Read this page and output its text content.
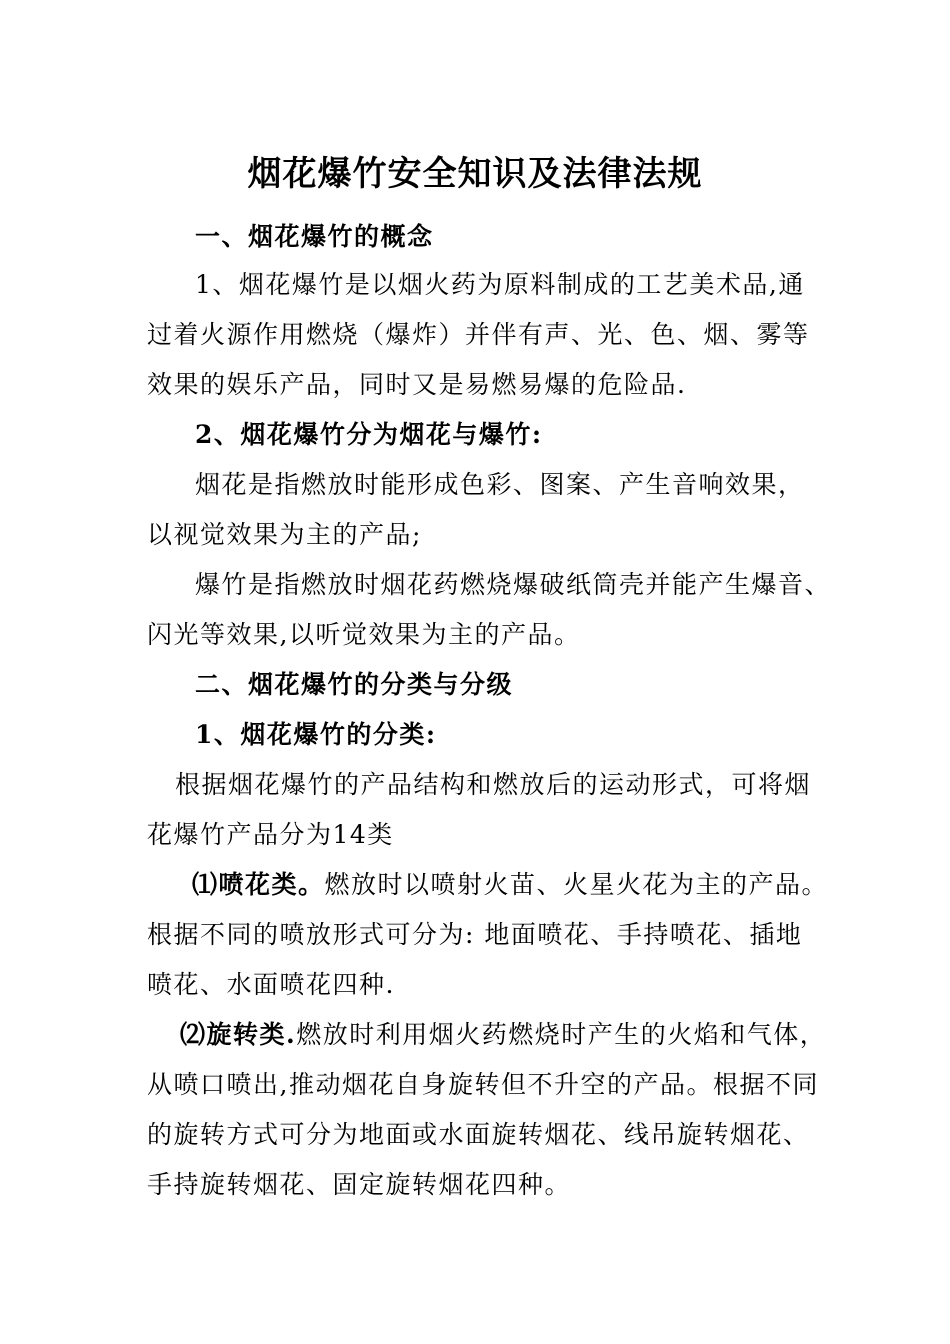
烟花爆竹安全知识及法律法规
一、烟花爆竹的概念
1、烟花爆竹是以烟火药为原料制成的工艺美术品,通
过着火源作用燃烧（爆炸）并伴有声、光、色、烟、雾等
效果的娱乐产品，同时又是易燃易爆的危险品.
2、烟花爆竹分为烟花与爆竹:
烟花是指燃放时能形成色彩、图案、产生音响效果，
以视觉效果为主的产品;
爆竹是指燃放时烟花药燃烧爆破纸筒壳并能产生爆音、
闪光等效果,以听觉效果为主的产品。
二、烟花爆竹的分类与分级
1、烟花爆竹的分类:
根据烟花爆竹的产品结构和燃放后的运动形式，可将烟
花爆竹产品分为14类
⑴喷花类。燃放时以喷射火苗、火星火花为主的产品。
根据不同的喷放形式可分为: 地面喷花、手持喷花、插地
喷花、水面喷花四种.
⑵旋转类.燃放时利用烟火药燃烧时产生的火焰和气体，
从喷口喷出,推动烟花自身旋转但不升空的产品。根据不同
的旋转方式可分为地面或水面旋转烟花、线吊旋转烟花、
手持旋转烟花、固定旋转烟花四种。
